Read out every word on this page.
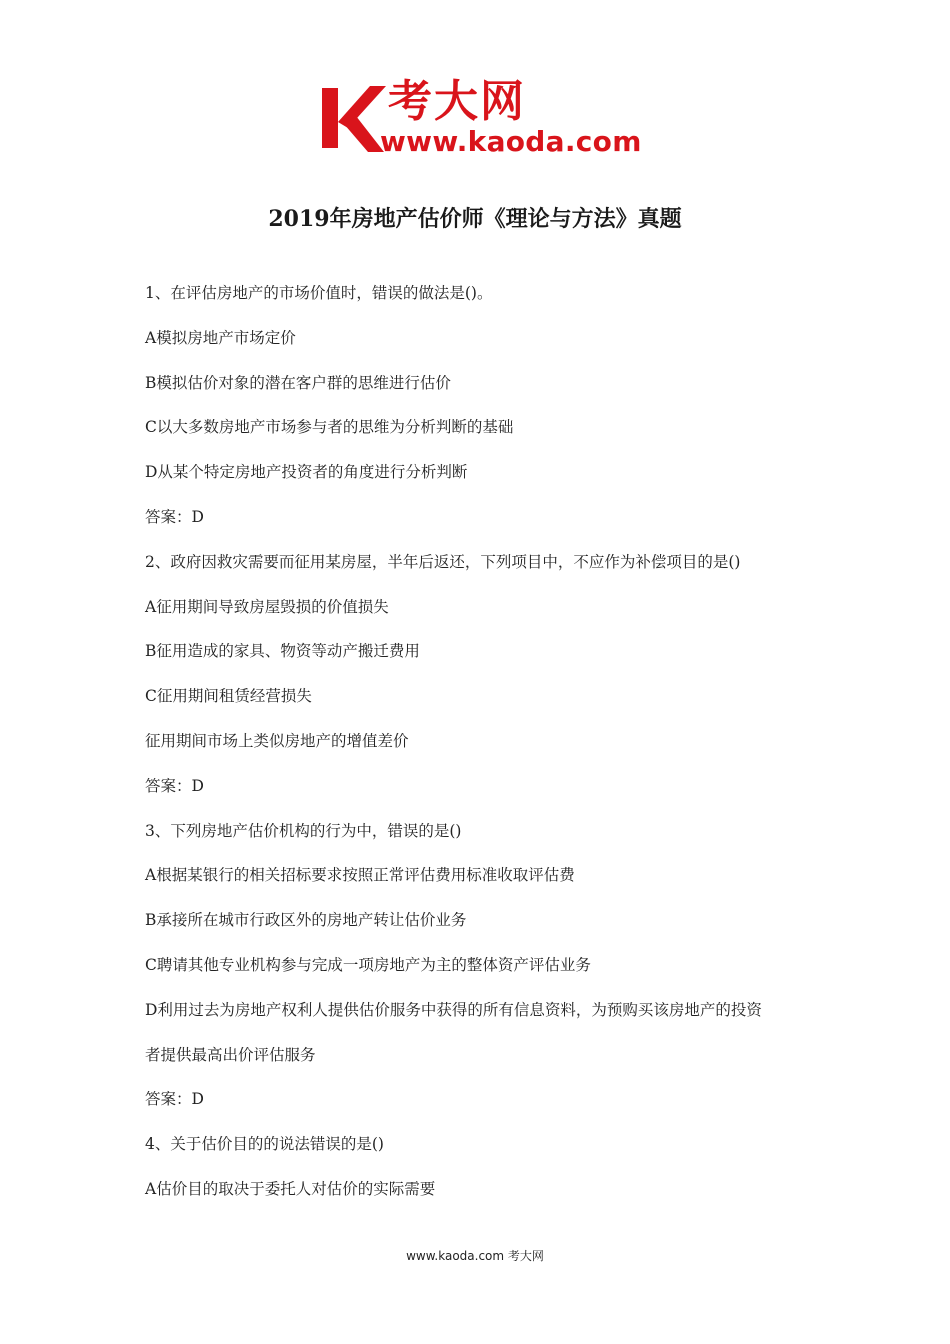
考大网
www.kaoda.com
2019年房地产估价师《理论与方法》真题
1、在评估房地产的市场价值时，错误的做法是()。
A模拟房地产市场定价
B模拟估价对象的潜在客户群的思维进行估价
C以大多数房地产市场参与者的思维为分析判断的基础
D从某个特定房地产投资者的角度进行分析判断
答案：D
2、政府因救灾需要而征用某房屋，半年后返还，下列项目中，不应作为补偿项目的是()
A征用期间导致房屋毁损的价值损失
B征用造成的家具、物资等动产搬迁费用
C征用期间租赁经营损失
征用期间市场上类似房地产的增值差价
答案：D
3、下列房地产估价机构的行为中，错误的是()
A根据某银行的相关招标要求按照正常评估费用标准收取评估费
B承接所在城市行政区外的房地产转让估价业务
C聘请其他专业机构参与完成一项房地产为主的整体资产评估业务
D利用过去为房地产权利人提供估价服务中获得的所有信息资料，为预购买该房地产的投资
者提供最高出价评估服务
答案：D
4、关于估价目的的说法错误的是()
A估价目的取决于委托人对估价的实际需要
www.kaoda.com 考大网
